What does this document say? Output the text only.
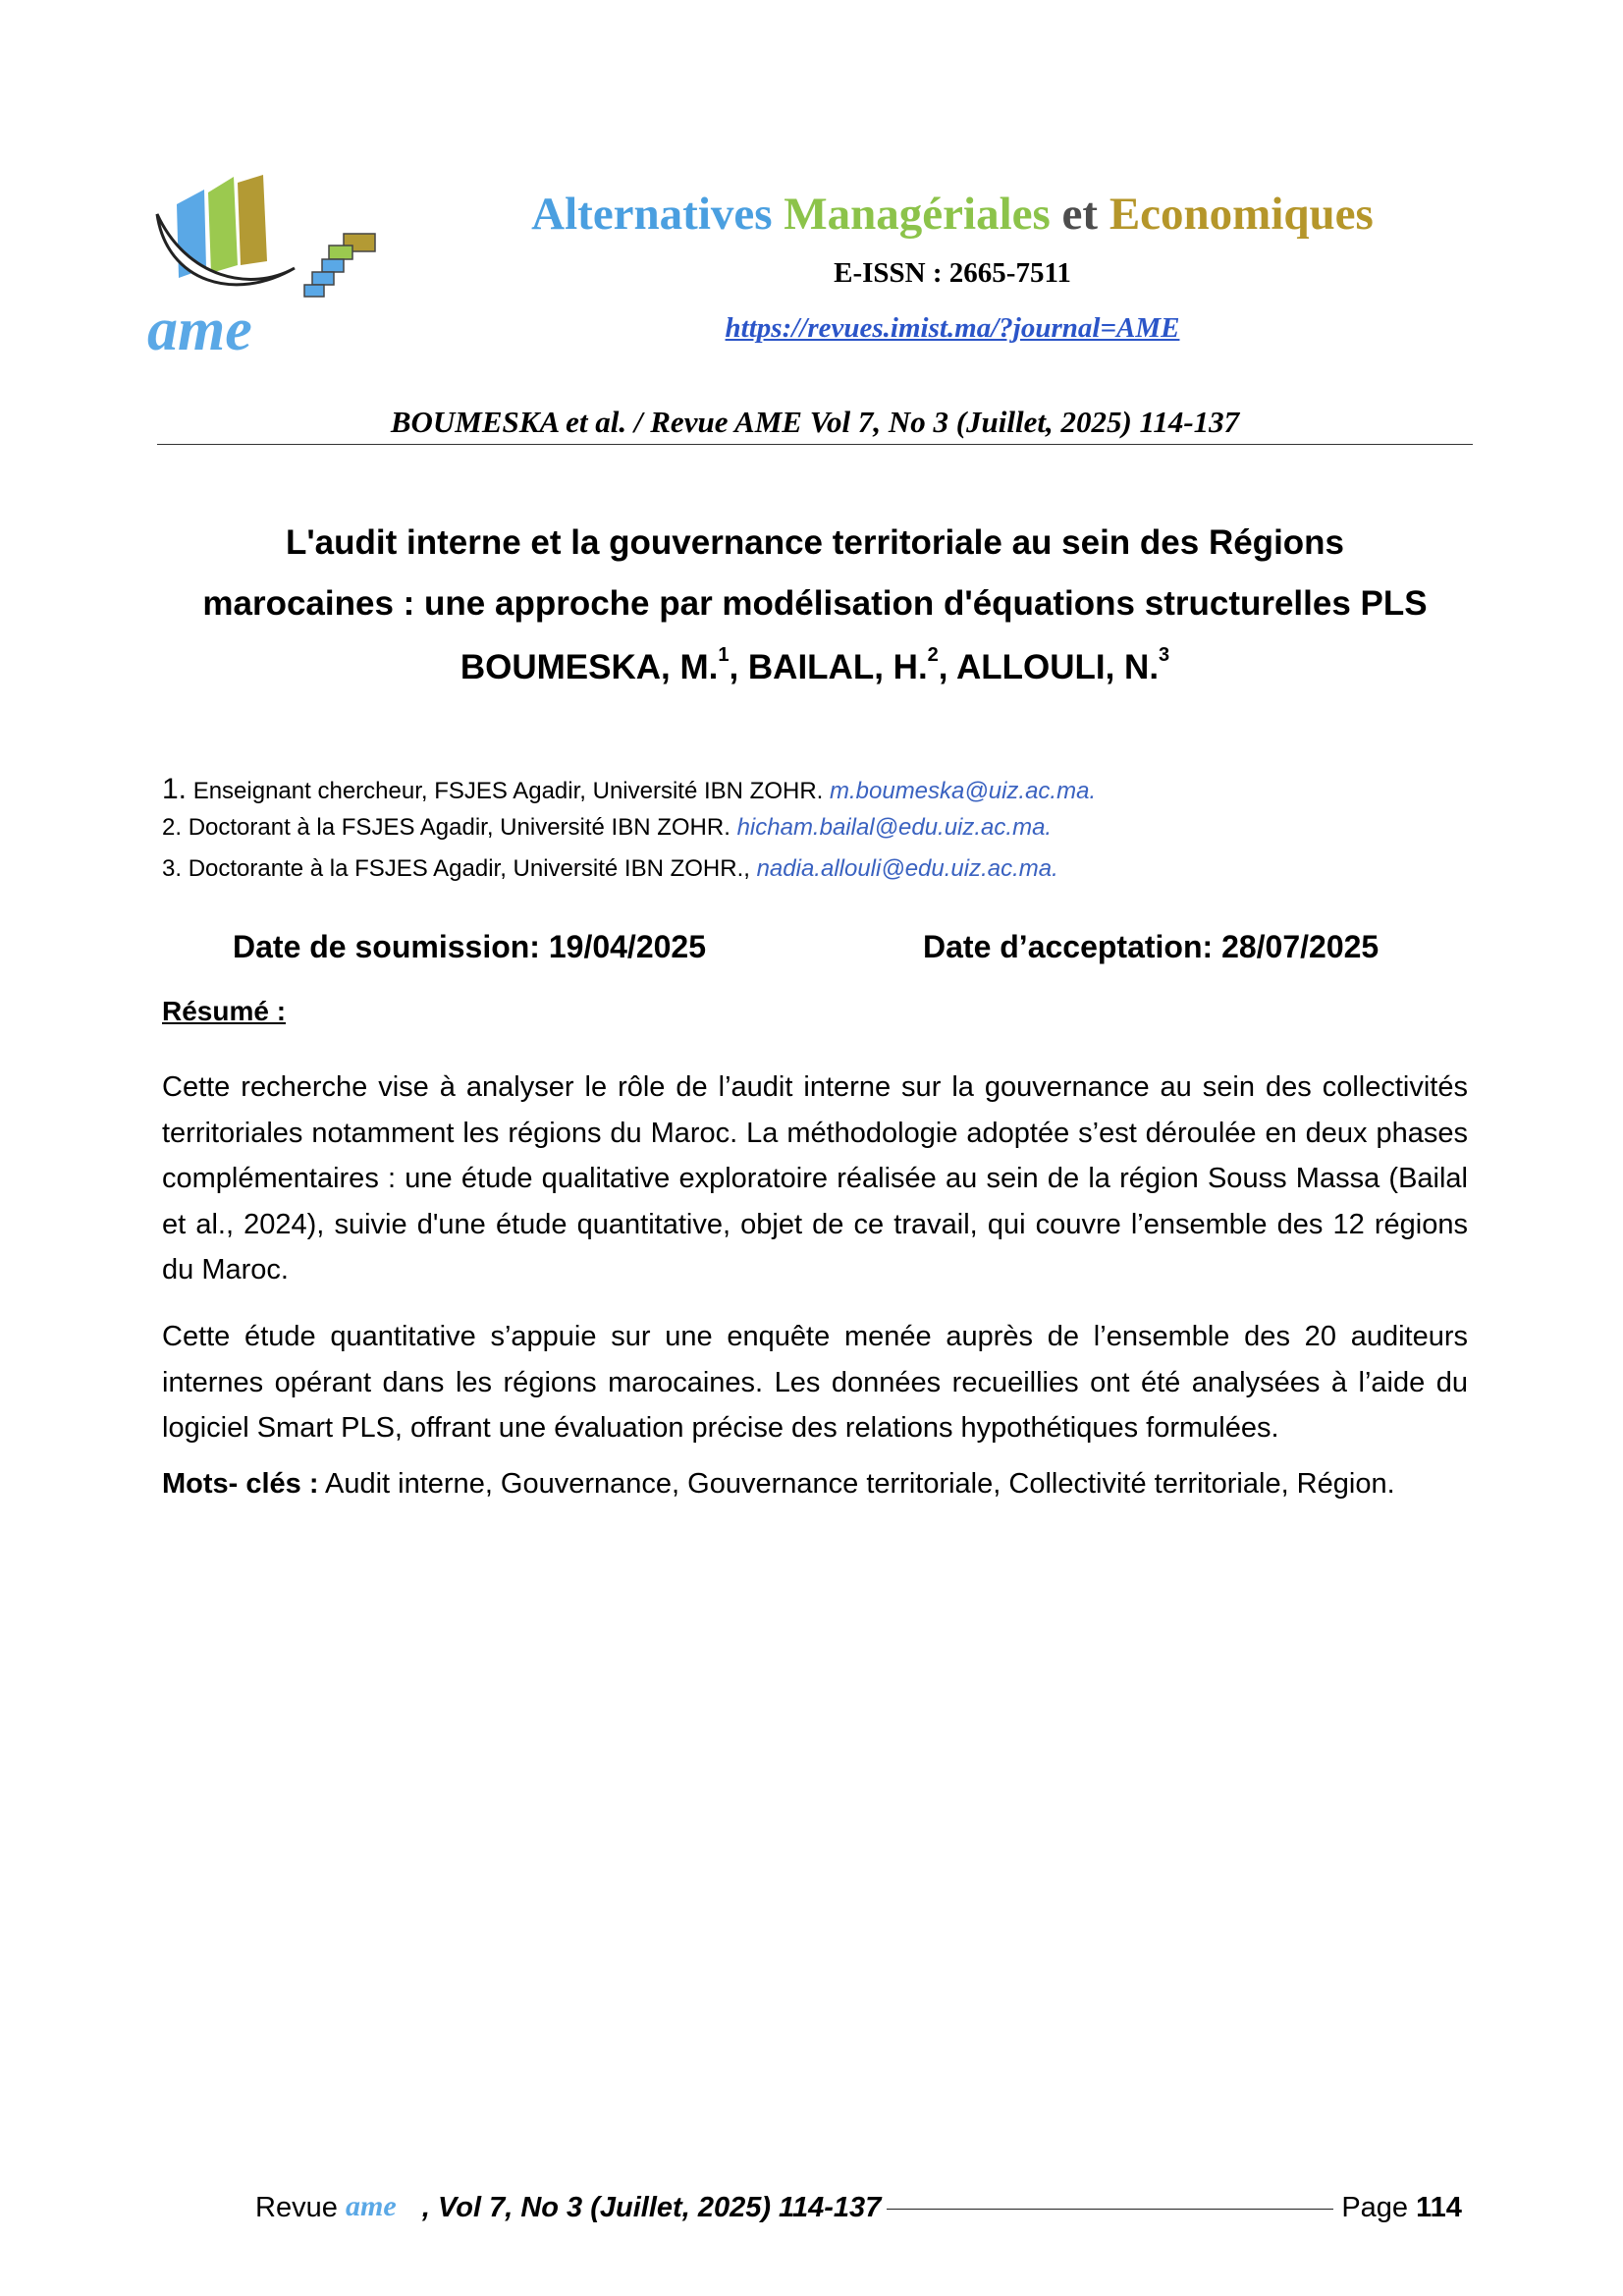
ame
Alternatives Managériales et Economiques
E-ISSN : 2665-7511
https://revues.imist.ma/?journal=AME
BOUMESKA et al. / Revue AME Vol 7, No 3 (Juillet, 2025) 114-137
L'audit interne et la gouvernance territoriale au sein des Régions
marocaines : une approche par modélisation d'équations structurelles PLS
BOUMESKA, M.$^1$, BAILAL, H.$^2$, ALLOULI, N.$^3$
1. Enseignant chercheur, FSJES Agadir, Université IBN ZOHR. m.boumeska@uiz.ac.ma.
2. Doctorant à la FSJES Agadir, Université IBN ZOHR. hicham.bailal@edu.uiz.ac.ma.
3. Doctorante à la FSJES Agadir, Université IBN ZOHR., nadia.allouli@edu.uiz.ac.ma.
Date de soumission: 19/04/2025	Date d’acceptation: 28/07/2025
Résumé :
Cette recherche vise à analyser le rôle de l’audit interne sur la gouvernance au sein des collectivités territoriales notamment les régions du Maroc. La méthodologie adoptée s’est déroulée en deux phases complémentaires : une étude qualitative exploratoire réalisée au sein de la région Souss Massa (Bailal et al., 2024), suivie d'une étude quantitative, objet de ce travail, qui couvre l’ensemble des 12 régions du Maroc.
Cette étude quantitative s’appuie sur une enquête menée auprès de l’ensemble des 20 auditeurs internes opérant dans les régions marocaines. Les données recueillies ont été analysées à l’aide du logiciel Smart PLS, offrant une évaluation précise des relations hypothétiques formulées.
Mots- clés : Audit interne, Gouvernance, Gouvernance territoriale, Collectivité territoriale, Région.
Revue ame , Vol 7, No 3 (Juillet, 2025) 114-137	Page 114
